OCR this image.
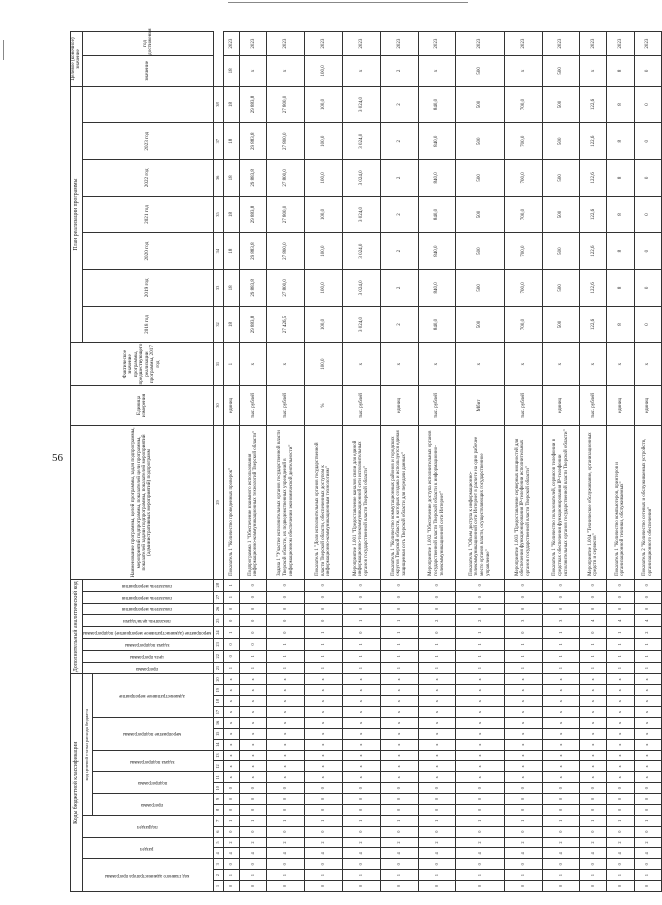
56
Коды бюджетной классификации																				Дополнительный аналитический код								Наименование программы, целей программы, задач подпрограммы, мероприятий подпрограммы, показателей цели программы, показателей задачи подпрограммы, показателей мероприятий (административных мероприятий) подпрограмм	Единица измерения	Фактическое значение программы, предшествующего реализации программы, 2017 год	План реализации программы							Целевое (конечное) значение	
код главного администратора программы			раздел		подраздел		код целевой статьи расхода бюджета													программа	цель программы	задача подпрограммы	мероприятие (административное мероприятие) подпрограммы	показатель цели/задачи	показатель мероприятия	показатель мероприятия	показатель мероприятия				2018 год	2019 год	2020 год	2021 год	2022 год	2023 год		значение	год достижения
							программа		подпрограмма		задача подпрограммы		мероприятие подпрограммы			административное мероприятие																							
1	2	3	4	5	6	7	8	9	10	11	12	13	14	15	16	17	18	19	20	21	22	23	24	25	26	27	28	29	30	31	32	33	34	35	36	37	38		
0	1	0	4	2	0	1	0	0	0	x	x	x	x	x	x	x	x	x	x	1	0	0	1	0	0	1	1	Показатель 1 "Количество проведенных проверок"	единиц	1	18	18	18	18	18	18	18	18	2023
0	1	0	4	2	0	1	0	0	0	x	x	x	x	x	x	x	x	x	x	1	1	0	0	0	0	0	0	Подпрограмма 1 "Обеспечение взаимного использования информационно-коммуникационных технологий Тверской области"	тыс. рублей	х	29 883,8	29 883,8	29 883,8	29 883,8	29 883,8	29 883,8	29 883,8	х	2023
0	1	0	4	2	0	1	0	0	0	x	x	x	x	x	x	x	x	x	x	1	1	1	0	0	0	0	0	Задача 1 "Участие исполнительных органов государственной власти Тверской области, их подведомственных учреждений в информационном обеспечении экономической деятельности"	тыс. рублей	х	27 426,5	27 800,0	27 800,0	27 800,0	27 800,0	27 800,0	27 800,0	х	2023
0	1	0	4	2	0	1	0	0	0	x	x	x	x	x	x	x	x	x	x	1	1	1	1	0	0	0	0	Показатель 1 "Доля исполнительных органов государственной власти Тверской области, обеспеченных доступом к информационно-коммуникационным технологиям"	%	100,0	100,0	100,0	100,0	100,0	100,0	100,0	100,0	100,0	2023
0	1	0	4	2	0	1	0	0	0	x	x	x	x	x	x	x	x	x	x	1	1	1	0	1	0	0	0	Мероприятие 1.001 "Предоставление каналов связи для единой информационно-телекоммуникационной сети исполнительных органов государственной власти Тверской области"	тыс. рублей	х	3 024,0	3 024,0	3 024,0	3 024,0	3 024,0	3 024,0	3 024,0	х	2023
0	1	0	4	2	0	1	0	0	0	x	x	x	x	x	x	x	x	x	x	1	1	1	1	1	0	0	0	Показатель 1 "Количество коммутационных районов и городских округов Тверской области, в которых создана и используется единая защищенная сеть Тверской области для передачи данных"	единиц	х	2	2	2	2	2	2	2	2	2023
0	1	0	4	2	0	1	0	0	0	x	x	x	x	x	x	x	x	x	x	1	1	1	0	2	0	0	0	Мероприятие 1.002 "Обеспечение доступа исполнительных органов государственной власти Тверской области к информационно-телекоммуникационной сети Интернет"	тыс. рублей	х	840,0	840,0	840,0	840,0	840,0	840,0	840,0	х	2023
0	1	0	4	2	0	1	0	0	0	x	x	x	x	x	x	x	x	x	x	1	1	1	1	2	0	0	0	Показатель 1 "Объем доступа к информационно-телекоммуникационной сети Интернет в расчете на одно рабочее место органов власти, осуществляющих государственное управление"	Мбит	х	500	500	500	500	500	500	500	500	2023
0	1	0	4	2	0	1	0	0	0	x	x	x	x	x	x	x	x	x	x	1	1	1	0	3	0	0	0	Мероприятие 1.003 "Предоставление серверных мощностей для обеспечения функционирования IP-телефонии исполнительных органов государственной власти Тверской области"	тыс. рублей	х	700,0	700,0	700,0	700,0	700,0	700,0	700,0	х	2023
0	1	0	4	2	0	1	0	0	0	x	x	x	x	x	x	x	x	x	x	1	1	1	1	3	0	0	0	Показатель 1 "Количество пользователей, сервисов телефонии в средствах обеспечения функционирования IP-телефонии исполнительных органов государственной власти Тверской области"	единиц	х	500	500	500	500	500	500	500	500	2023
0	1	0	4	2	0	1	0	0	0	x	x	x	x	x	x	x	x	x	x	1	1	1	0	4	0	0	0	Мероприятие 1.004 "Техническое обслуживание, организационных средств и сервисов"	тыс. рублей	х	122,6	122,6	122,6	122,6	122,6	122,6	122,6	х	2023
0	1	0	4	2	0	1	0	0	0	x	x	x	x	x	x	x	x	x	x	1	1	1	1	4	0	0	0	Показатель 1 "Количество компьютеров, принтеров и организационной техники, обслуживаемых"	единиц	х	8	8	8	8	8	8	8	8	2023
0	1	0	4	2	0	1	0	0	0	x	x	x	x	x	x	x	x	x	x	1	1	1	2	4	0	0	0	Показатель 2 "Количество сетевых и обслуживаемых устройств, организационного обеспечения"	единиц	х	0	0	0	0	0	0	0	0	2023
